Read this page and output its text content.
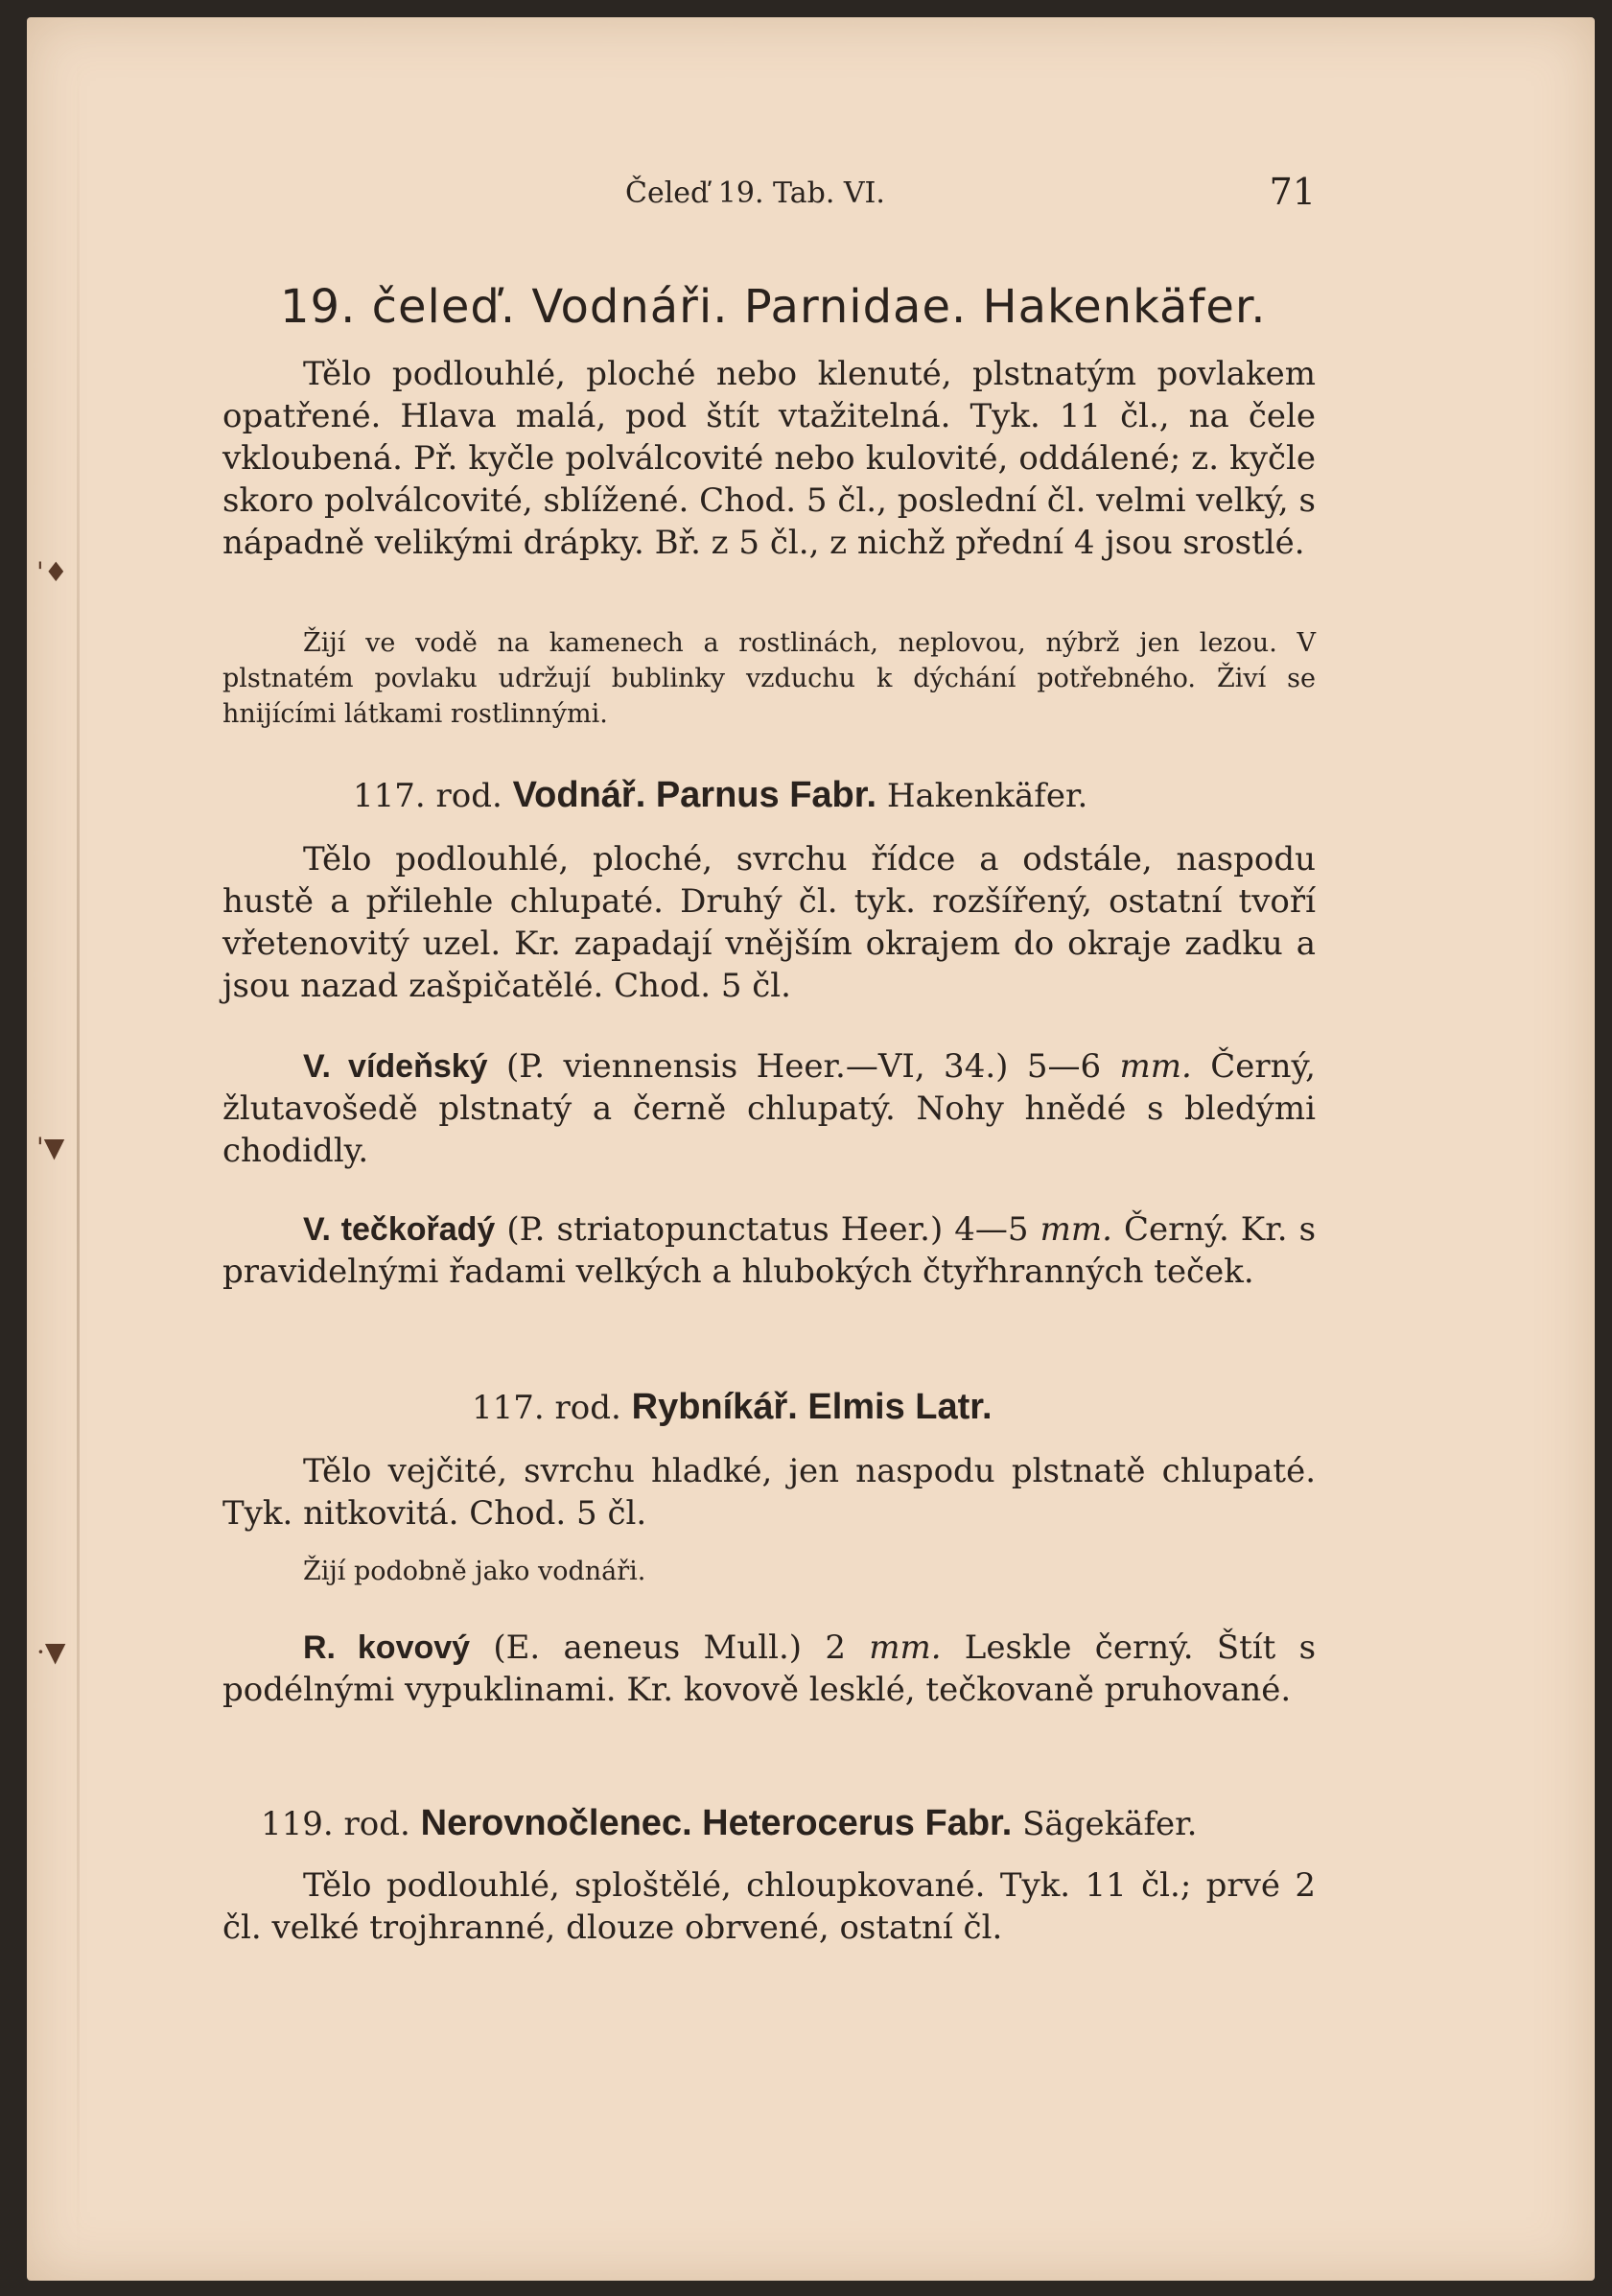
'♦
'▼
·▼
Čeleď 19. Tab. VI.	71
19. čeleď. Vodnáři. Parnidae. Hakenkäfer.
Tělo podlouhlé, ploché nebo klenuté, plstnatým povlakem opatřené. Hlava malá, pod štít vtažitelná. Tyk. 11 čl., na čele vkloubená. Př. kyčle polválcovité nebo kulovité, oddálené; z. kyčle skoro polválcovité, sblížené. Chod. 5 čl., poslední čl. velmi velký, s nápadně velikými drápky. Bř. z 5 čl., z nichž přední 4 jsou srostlé.
Žijí ve vodě na kamenech a rostlinách, neplovou, nýbrž jen lezou. V plstnatém povlaku udržují bublinky vzduchu k dýchání potřebného. Živí se hnijícími látkami rostlinnými.
117. rod. Vodnář. Parnus Fabr. Hakenkäfer.
Tělo podlouhlé, ploché, svrchu řídce a odstále, naspodu hustě a přilehle chlupaté. Druhý čl. tyk. rozšířený, ostatní tvoří vřetenovitý uzel. Kr. zapadají vnějším okrajem do okraje zadku a jsou nazad zašpičatělé. Chod. 5 čl.
V. vídeňský (P. viennensis Heer.—VI, 34.) 5—6 mm. Černý, žlutavošedě plstnatý a černě chlupatý. Nohy hnědé s bledými chodidly.
V. tečkořadý (P. striatopunctatus Heer.) 4—5 mm. Černý. Kr. s pravidelnými řadami velkých a hlubokých čtyřhranných teček.
117. rod. Rybníkář. Elmis Latr.
Tělo vejčité, svrchu hladké, jen naspodu plstnatě chlupaté. Tyk. nitkovitá. Chod. 5 čl.
Žijí podobně jako vodnáři.
R. kovový (E. aeneus Mull.) 2 mm. Leskle černý. Štít s podélnými vypuklinami. Kr. kovově lesklé, tečkovaně pruhované.
119. rod. Nerovnočlenec. Heterocerus Fabr. Sägekäfer.
Tělo podlouhlé, sploštělé, chloupkované. Tyk. 11 čl.; prvé 2 čl. velké trojhranné, dlouze obrvené, ostatní čl.
